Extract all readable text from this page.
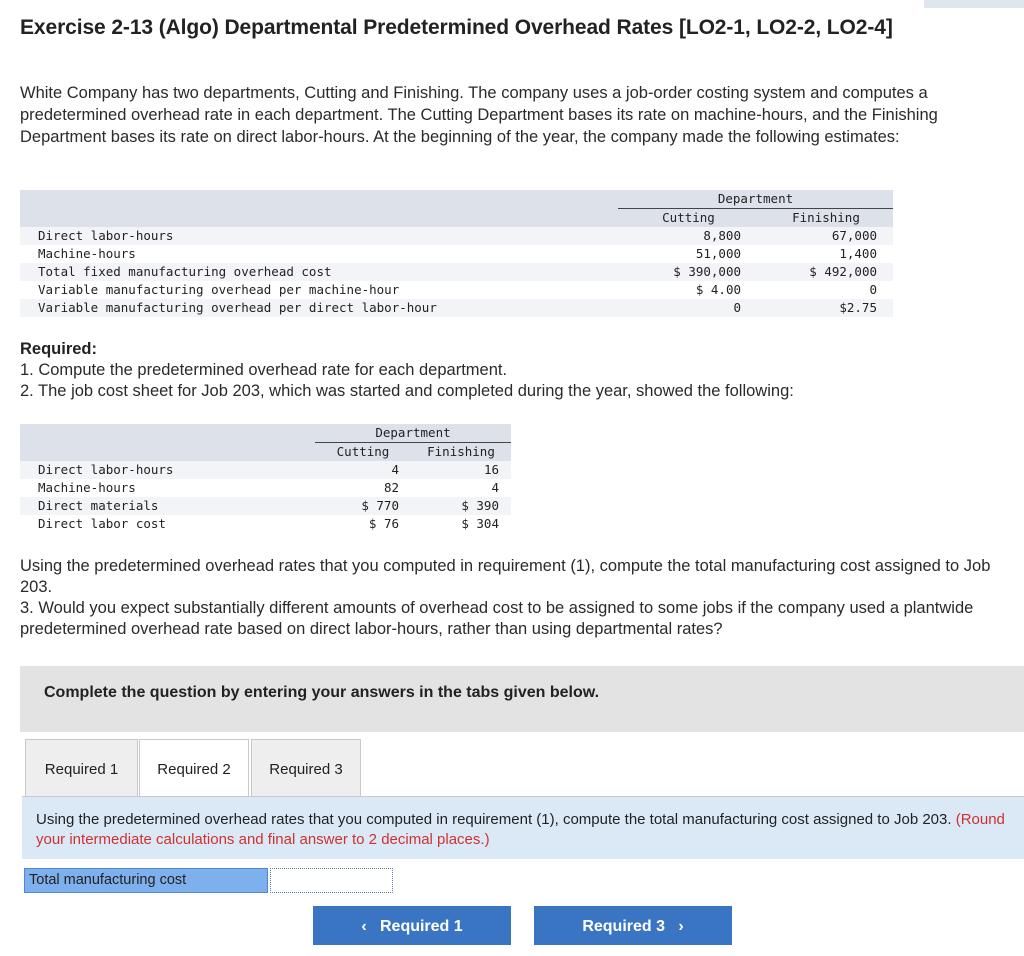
Exercise 2-13 (Algo) Departmental Predetermined Overhead Rates [LO2-1, LO2-2, LO2-4]
White Company has two departments, Cutting and Finishing. The company uses a job-order costing system and computes a predetermined overhead rate in each department. The Cutting Department bases its rate on machine-hours, and the Finishing Department bases its rate on direct labor-hours. At the beginning of the year, the company made the following estimates:
	Department	
	Cutting	Finishing
Direct labor-hours	8,800	67,000
Machine-hours	51,000	1,400
Total fixed manufacturing overhead cost	$ 390,000	$ 492,000
Variable manufacturing overhead per machine-hour	$ 4.00	0
Variable manufacturing overhead per direct labor-hour	0	$2.75
Required:
1. Compute the predetermined overhead rate for each department.
2. The job cost sheet for Job 203, which was started and completed during the year, showed the following:
	Department	
	Cutting	Finishing
Direct labor-hours	4	16
Machine-hours	82	4
Direct materials	$ 770	$ 390
Direct labor cost	$ 76	$ 304
Using the predetermined overhead rates that you computed in requirement (1), compute the total manufacturing cost assigned to Job 203.
3. Would you expect substantially different amounts of overhead cost to be assigned to some jobs if the company used a plantwide predetermined overhead rate based on direct labor-hours, rather than using departmental rates?
Complete the question by entering your answers in the tabs given below.
Required 1	Required 2	Required 3
Using the predetermined overhead rates that you computed in requirement (1), compute the total manufacturing cost assigned to Job 203. (Round your intermediate calculations and final answer to 2 decimal places.)
Total manufacturing cost
‹ Required 1	Required 3 ›
